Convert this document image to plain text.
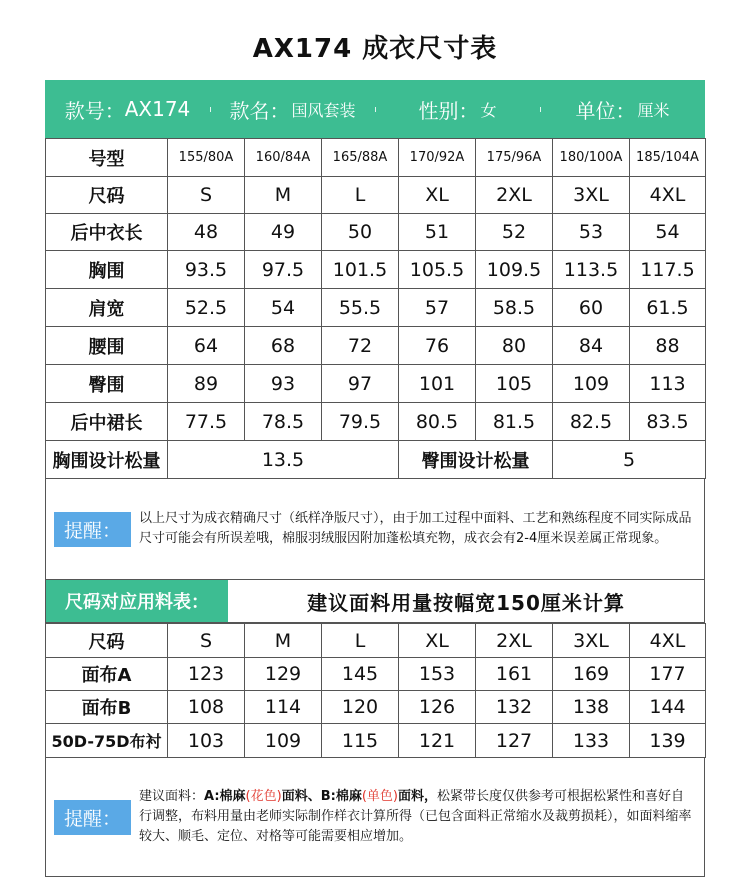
AX174 成衣尺寸表
款号： AX174 款名： 国风套装	性别： 女	单位： 厘米
号型	155/80A	160/84A	165/88A	170/92A	175/96A	180/100A	185/104A
尺码	S	M	L	XL	2XL	3XL	4XL
后中衣长	48	49	50	51	52	53	54
胸围	93.5	97.5	101.5	105.5	109.5	113.5	117.5
肩宽	52.5	54	55.5	57	58.5	60	61.5
腰围	64	68	72	76	80	84	88
臀围	89	93	97	101	105	109	113
后中裙长	77.5	78.5	79.5	80.5	81.5	82.5	83.5
胸围设计松量	13.5			臀围设计松量		5	
提醒：
以上尺寸为成衣精确尺寸（纸样净版尺寸），由于加工过程中面料、工艺和熟练程度不同实际成品尺寸可能会有所误差哦，棉服羽绒服因附加蓬松填充物，成衣会有2-4厘米误差属正常现象。
尺码对应用料表：	建议面料用量按幅宽150厘米计算
尺码	S	M	L	XL	2XL	3XL	4XL
面布A	123	129	145	153	161	169	177
面布B	108	114	120	126	132	138	144
50D-75D布衬	103	109	115	121	127	133	139
提醒：
建议面料：A:棉麻(花色)面料、B:棉麻(单色)面料，松紧带长度仅供参考可根据松紧性和喜好自行调整，布料用量由老师实际制作样衣计算所得（已包含面料正常缩水及裁剪损耗），如面料缩率较大、顺毛、定位、对格等可能需要相应增加。
